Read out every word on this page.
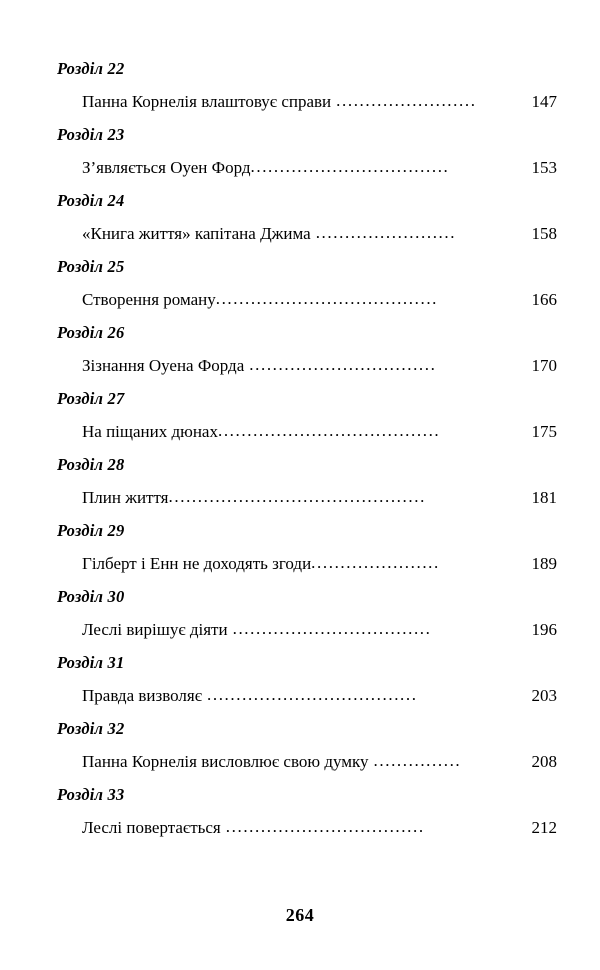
Розділ 22
Панна Корнелія влаштовує справи ........................	147
Розділ 23
З’являється Оуен Форд ..................................	153
Розділ 24
«Книга життя» капітана Джима ........................	158
Розділ 25
Створення роману ......................................	166
Розділ 26
Зізнання Оуена Форда ................................	170
Розділ 27
На піщаних дюнах ......................................	175
Розділ 28
Плин життя ............................................	181
Розділ 29
Гілберт і Енн не доходять згоди ......................	189
Розділ 30
Леслі вирішує діяти ..................................	196
Розділ 31
Правда визволяє ....................................	203
Розділ 32
Панна Корнелія висловлює свою думку ...............	208
Розділ 33
Леслі повертається ..................................	212
264
